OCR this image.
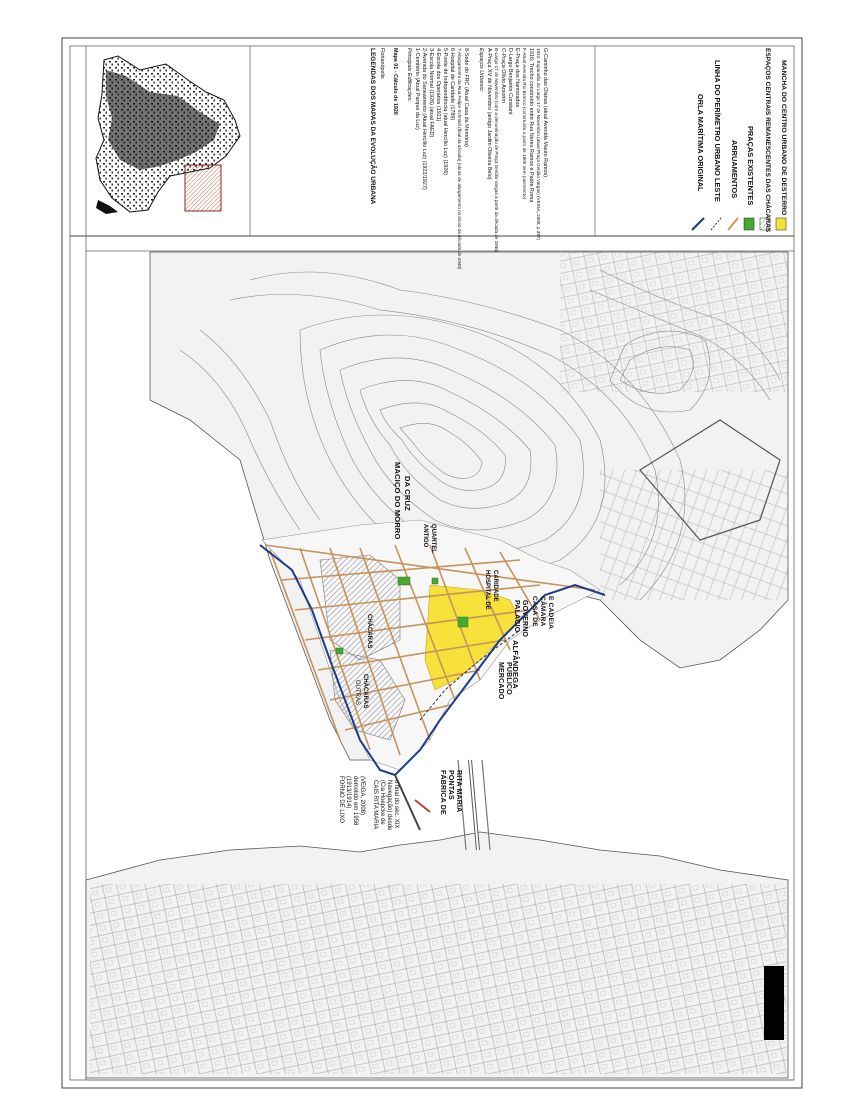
LEGENDAS DOS MAPAS DA EVOLUÇÃO URBANA Florianópolis Mapa 01 - Cálculo de 1926 Principais Edificações: 1-Cemitério (Atual Parque da Luz) 2-Avenida do Saneamento (Atual Hercílio Luz) (1922/1927) 3-Escola Normal (1926) (atual FAED) 4-Escola dos Operários (1921) 5-Ponte de Independência (atual Hercílio Luz) (1926) 6-Hospital de Caridade (1789) 7-Alargamento da Rua Felipe Schmidt (final da década) (obras de alargamento no início da década de 1940) 8-Sede do FRC (Atual Casa da Memória) Espaços Urbanos: A-Praça XV de Novembro (antigo Jardim Oliveira Belo) B-Largo 17 de Novembro (com a denominação de Praça Getúlio Vargas a partir da década de 1940) C-Praça Olívio Amorim D-Largo Benjamin Constant E-Praça dos Namorados F-Atual Avenida Rio Branco (construída a partir de 1900 sem pavimento) 1916: Trecho construído entre Rua Nereu Ramos e Padre Roma 1921: Expansão do Largo 17 de Novembro (atual Praça Getúlio Vargas) (VEIGA, 2008, p.397) G-Caminho das Olarias (atual Avenida Mauro Ramos)	ORLA MARÍTIMA ORIGINAL LINHA DO PERÍMETRO URBANO LESTE ARRUAMENTOS PRAÇAS EXISTENTES ESPAÇOS CENTRAIS REMANESCENTES DAS CHÁCARAS MANCHA DO CENTRO URBANO DE DESTERRO
MACIÇO DO MORRO DA CRUZ
CHÁCARAS
OUTRAS CHÁCARAS
ANTIGO QUARTEL
ALFÂNDEGA
MERCADO PÚBLICO
PALÁCIO GOVERNO CASA DE CÂMARA E CADEIA
HOSPITAL DE CARIDADE
FORNO DE LIXO (1913/1914) demolido em 1958 (VEIGA, 2008) CAIS RITA MARIA (Cia Hoepcke de Navegação) desde o final do séc. XIX	FÁBRICA DE PONTAS RITA MARIA
